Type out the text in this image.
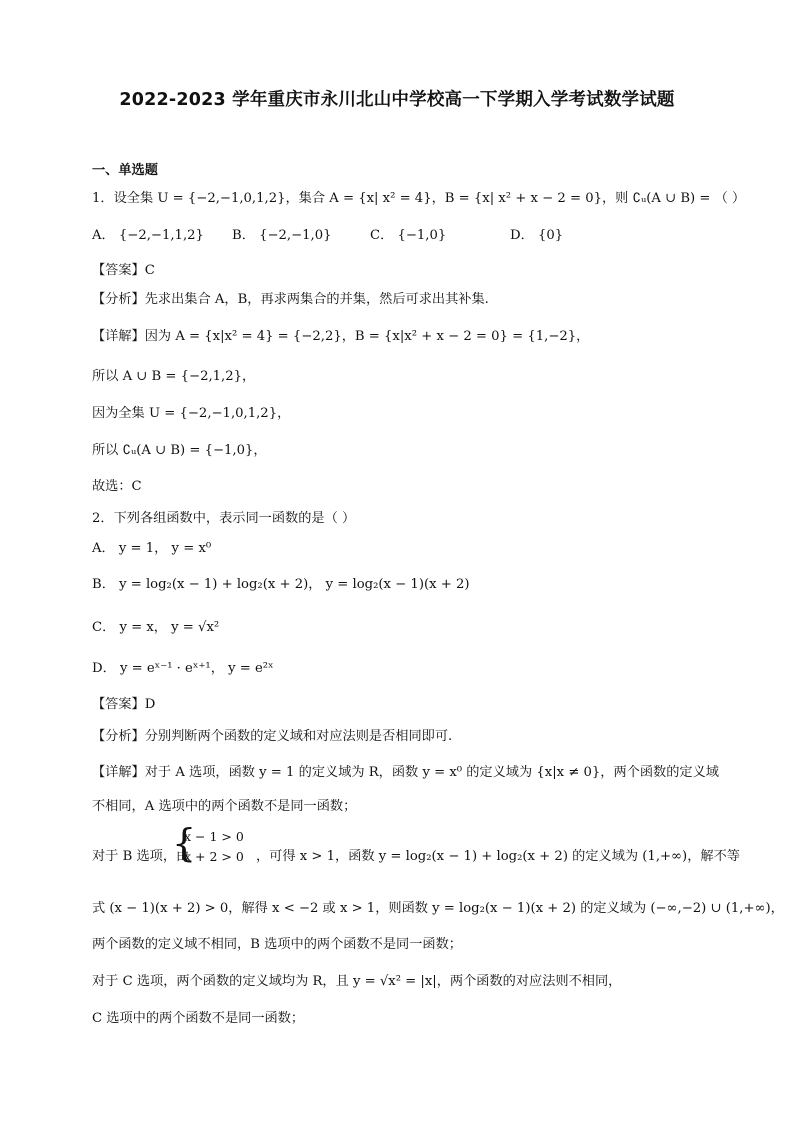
2022-2023 学年重庆市永川北山中学校高一下学期入学考试数学试题
一、单选题
1．设全集 U = {−2,−1,0,1,2}，集合 A = {x| x² = 4}，B = {x| x² + x − 2 = 0}，则 ∁ᵤ(A ∪ B) = （ ）
A． {−2,−1,1,2} B． {−2,−1,0}	C． {−1,0}	D． {0}
【答案】C
【分析】先求出集合 A，B，再求两集合的并集，然后可求出其补集.
【详解】因为 A = {x|x² = 4} = {−2,2}，B = {x|x² + x − 2 = 0} = {1,−2}，
所以 A ∪ B = {−2,1,2}，
因为全集 U = {−2,−1,0,1,2}，
所以 ∁ᵤ(A ∪ B) = {−1,0}，
故选：C
2．下列各组函数中，表示同一函数的是（ ）
A． y = 1， y = x⁰
B． y = log₂(x − 1) + log₂(x + 2)， y = log₂(x − 1)(x + 2)
C． y = x， y = √x²
D． y = eˣ⁻¹ · eˣ⁺¹， y = e²ˣ
【答案】D
【分析】分别判断两个函数的定义域和对应法则是否相同即可.
【详解】对于 A 选项，函数 y = 1 的定义域为 R，函数 y = x⁰ 的定义域为 {x|x ≠ 0}，两个函数的定义域
不相同，A 选项中的两个函数不是同一函数；
对于 B 选项，由
{
x − 1 > 0
x + 2 > 0 ，可得 x > 1，函数 y = log₂(x − 1) + log₂(x + 2) 的定义域为 (1,+∞)，解不等
式 (x − 1)(x + 2) > 0，解得 x < −2 或 x > 1，则函数 y = log₂(x − 1)(x + 2) 的定义域为 (−∞,−2) ∪ (1,+∞)，
两个函数的定义域不相同，B 选项中的两个函数不是同一函数；
对于 C 选项，两个函数的定义域均为 R，且 y = √x² = |x|，两个函数的对应法则不相同，
C 选项中的两个函数不是同一函数；
